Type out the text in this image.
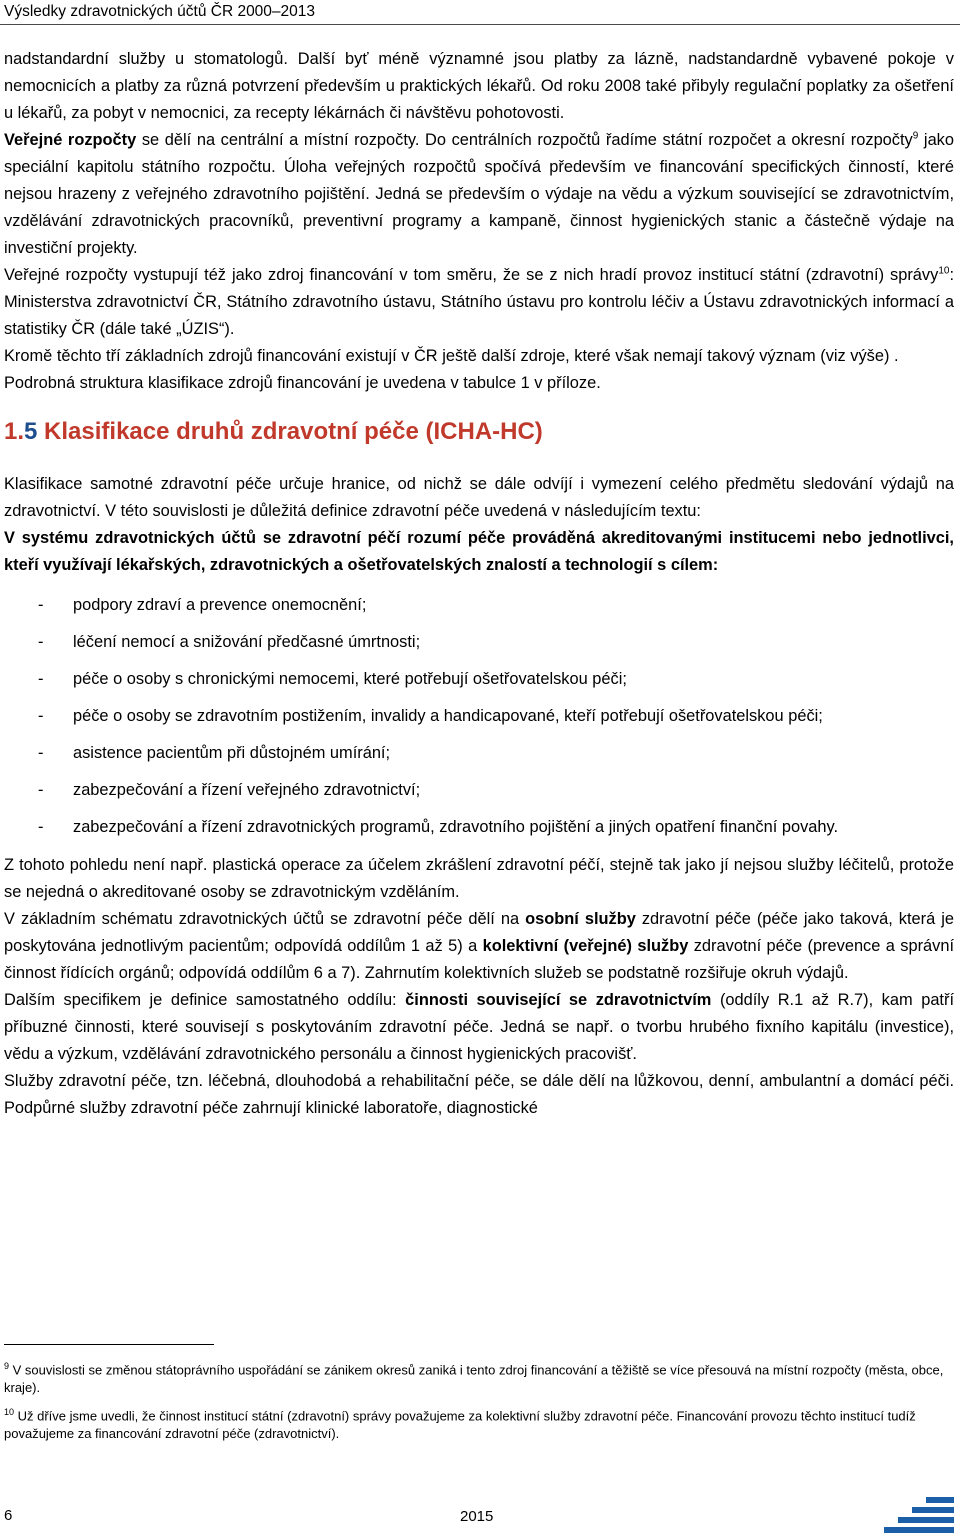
Výsledky zdravotnických účtů ČR 2000–2013

nadstandardní služby u stomatologů. Další byť méně významné jsou platby za lázně, nadstandardně vybavené pokoje v nemocnicích a platby za různá potvrzení především u praktických lékařů. Od roku 2008 také přibyly regulační poplatky za ošetření u lékařů, za pobyt v nemocnici, za recepty lékárnách či návštěvu pohotovosti.

Veřejné rozpočty se dělí na centrální a místní rozpočty. Do centrálních rozpočtů řadíme státní rozpočet a okresní rozpočty$^9$ jako speciální kapitolu státního rozpočtu. Úloha veřejných rozpočtů spočívá především ve financování specifických činností, které nejsou hrazeny z veřejného zdravotního pojištění. Jedná se především o výdaje na vědu a výzkum související se zdravotnictvím, vzdělávání zdravotnických pracovníků, preventivní programy a kampaně, činnost hygienických stanic a částečně výdaje na investiční projekty.

Veřejné rozpočty vystupují též jako zdroj financování v tom směru, že se z nich hradí provoz institucí státní (zdravotní) správy$^{10}$: Ministerstva zdravotnictví ČR, Státního zdravotního ústavu, Státního ústavu pro kontrolu léčiv a Ústavu zdravotnických informací a statistiky ČR (dále také „ÚZIS“).

Kromě těchto tří základních zdrojů financování existují v ČR ještě další zdroje, které však nemají takový význam (viz výše) .

Podrobná struktura klasifikace zdrojů financování je uvedena v tabulce 1 v příloze.

1.5 Klasifikace druhů zdravotní péče (ICHA-HC)

Klasifikace samotné zdravotní péče určuje hranice, od nichž se dále odvíjí i vymezení celého předmětu sledování výdajů na zdravotnictví. V této souvislosti je důležitá definice zdravotní péče uvedená v následujícím textu:

V systému zdravotnických účtů se zdravotní péčí rozumí péče prováděná akreditovanými institucemi nebo jednotlivci, kteří využívají lékařských, zdravotnických a ošetřovatelských znalostí a technologií s cílem:

- podpory zdraví a prevence onemocnění;
- léčení nemocí a snižování předčasné úmrtnosti;
- péče o osoby s chronickými nemocemi, které potřebují ošetřovatelskou péči;
- péče o osoby se zdravotním postižením, invalidy a handicapované, kteří potřebují ošetřovatelskou péči;
- asistence pacientům při důstojném umírání;
- zabezpečování a řízení veřejného zdravotnictví;
- zabezpečování a řízení zdravotnických programů, zdravotního pojištění a jiných opatření finanční povahy.

Z tohoto pohledu není např. plastická operace za účelem zkrášlení zdravotní péčí, stejně tak jako jí nejsou služby léčitelů, protože se nejedná o akreditované osoby se zdravotnickým vzděláním.

V základním schématu zdravotnických účtů se zdravotní péče dělí na osobní služby zdravotní péče (péče jako taková, která je poskytována jednotlivým pacientům; odpovídá oddílům 1 až 5) a kolektivní (veřejné) služby zdravotní péče (prevence a správní činnost řídících orgánů; odpovídá oddílům 6 a 7). Zahrnutím kolektivních služeb se podstatně rozšiřuje okruh výdajů.

Dalším specifikem je definice samostatného oddílu: činnosti související se zdravotnictvím (oddíly R.1 až R.7), kam patří příbuzné činnosti, které souvisejí s poskytováním zdravotní péče. Jedná se např. o tvorbu hrubého fixního kapitálu (investice), vědu a výzkum, vzdělávání zdravotnického personálu a činnost hygienických pracovišť.

Služby zdravotní péče, tzn. léčebná, dlouhodobá a rehabilitační péče, se dále dělí na lůžkovou, denní, ambulantní a domácí péči. Podpůrné služby zdravotní péče zahrnují klinické laboratoře, diagnostické

$^9$ V souvislosti se změnou státoprávního uspořádání se zánikem okresů zaniká i tento zdroj financování a těžiště se více přesouvá na místní rozpočty (města, obce, kraje).

$^{10}$ Už dříve jsme uvedli, že činnost institucí státní (zdravotní) správy považujeme za kolektivní služby zdravotní péče. Financování provozu těchto institucí tudíž považujeme za financování zdravotní péče (zdravotnictví).

6	2015
